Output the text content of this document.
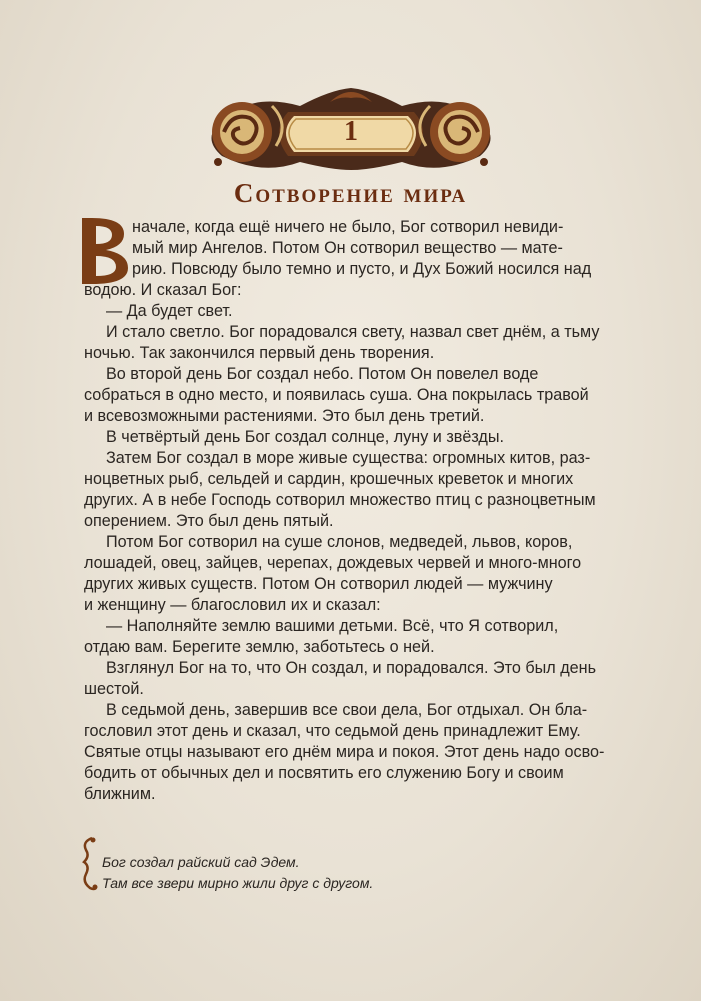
1
Сотворение мира
В
начале, когда ещё ничего не было, Бог сотворил невиди-
мый мир Ангелов. Потом Он сотворил вещество — мате-
рию. Повсюду было темно и пусто, и Дух Божий носился над
водою. И сказал Бог:
— Да будет свет.
И стало светло. Бог порадовался свету, назвал свет днём, а тьму
ночью. Так закончился первый день творения.
Во второй день Бог создал небо. Потом Он повелел воде
собраться в одно место, и появилась суша. Она покрылась травой
и всевозможными растениями. Это был день третий.
В четвёртый день Бог создал солнце, луну и звёзды.
Затем Бог создал в море живые существа: огромных китов, раз-
ноцветных рыб, сельдей и сардин, крошечных креветок и многих
других. А в небе Господь сотворил множество птиц с разноцветным
оперением. Это был день пятый.
Потом Бог сотворил на суше слонов, медведей, львов, коров,
лошадей, овец, зайцев, черепах, дождевых червей и много-много
других живых существ. Потом Он сотворил людей — мужчину
и женщину — благословил их и сказал:
— Наполняйте землю вашими детьми. Всё, что Я сотворил,
отдаю вам. Берегите землю, заботьтесь о ней.
Взглянул Бог на то, что Он создал, и порадовался. Это был день
шестой.
В седьмой день, завершив все свои дела, Бог отдыхал. Он бла-
гословил этот день и сказал, что седьмой день принадлежит Ему.
Святые отцы называют его днём мира и покоя. Этот день надо осво-
бодить от обычных дел и посвятить его служению Богу и своим
ближним.
Бог создал райский сад Эдем.
Там все звери мирно жили друг с другом.
